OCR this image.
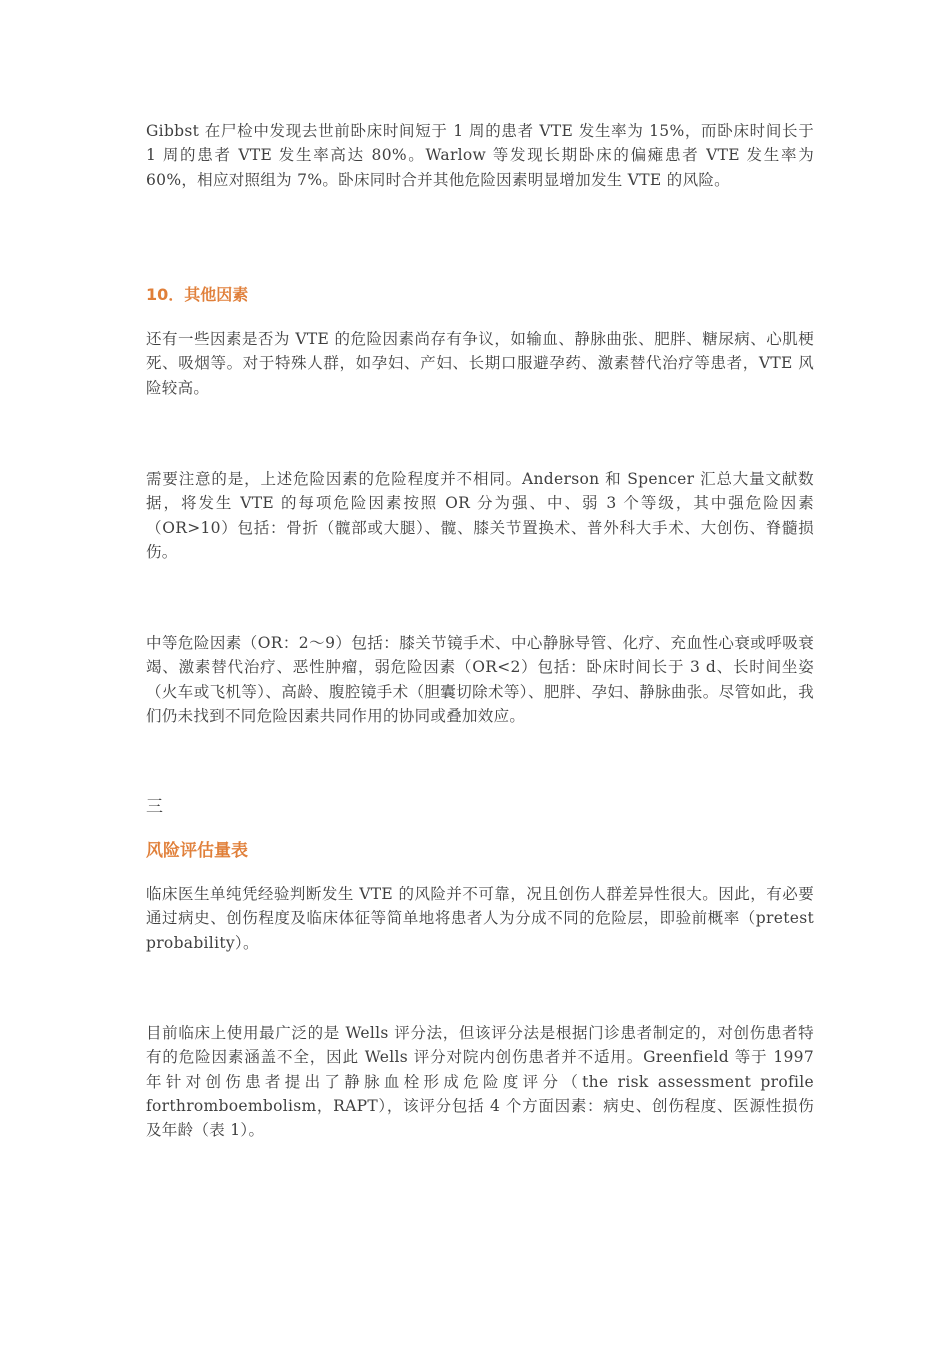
Gibbst 在尸检中发现去世前卧床时间短于 1 周的患者 VTE 发生率为 15%，而卧床时间长于 1 周的患者 VTE 发生率高达 80%。Warlow 等发现长期卧床的偏瘫患者 VTE 发生率为 60%，相应对照组为 7%。卧床同时合并其他危险因素明显增加发生 VTE 的风险。

10．其他因素

还有一些因素是否为 VTE 的危险因素尚存有争议，如输血、静脉曲张、肥胖、糖尿病、心肌梗死、吸烟等。对于特殊人群，如孕妇、产妇、长期口服避孕药、激素替代治疗等患者，VTE 风险较高。

需要注意的是，上述危险因素的危险程度并不相同。Anderson 和 Spencer 汇总大量文献数据，将发生 VTE 的每项危险因素按照 OR 分为强、中、弱 3 个等级，其中强危险因素（OR>10）包括：骨折（髋部或大腿）、髋、膝关节置换术、普外科大手术、大创伤、脊髓损伤。

中等危险因素（OR：2～9）包括：膝关节镜手术、中心静脉导管、化疗、充血性心衰或呼吸衰竭、激素替代治疗、恶性肿瘤，弱危险因素（OR<2）包括：卧床时间长于 3 d、长时间坐姿（火车或飞机等）、高龄、腹腔镜手术（胆囊切除术等）、肥胖、孕妇、静脉曲张。尽管如此，我们仍未找到不同危险因素共同作用的协同或叠加效应。

三
风险评估量表

临床医生单纯凭经验判断发生 VTE 的风险并不可靠，况且创伤人群差异性很大。因此，有必要通过病史、创伤程度及临床体征等简单地将患者人为分成不同的危险层，即验前概率（pretest probability）。

目前临床上使用最广泛的是 Wells 评分法，但该评分法是根据门诊患者制定的，对创伤患者特有的危险因素涵盖不全，因此 Wells 评分对院内创伤患者并不适用。Greenfield 等于 1997 年针对创伤患者提出了静脉血栓形成危险度评分（the risk assessment profile forthromboembolism，RAPT），该评分包括 4 个方面因素：病史、创伤程度、医源性损伤及年龄（表 1）。
